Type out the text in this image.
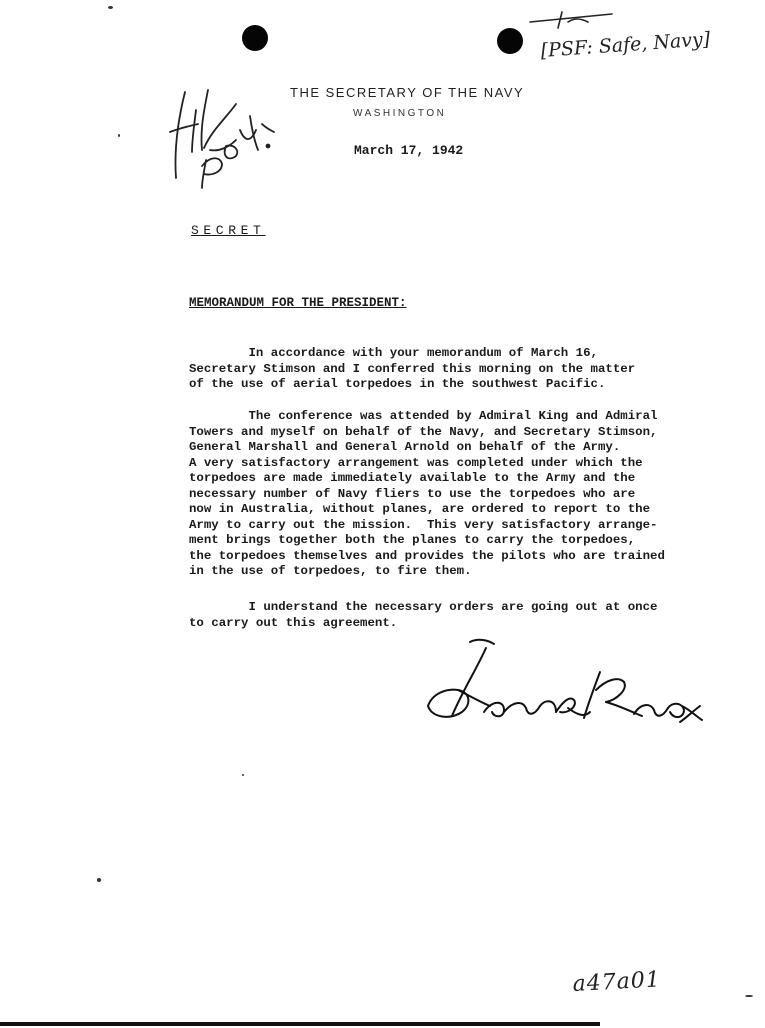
THE SECRETARY OF THE NAVY
WASHINGTON
March 17, 1942
SECRET
MEMORANDUM FOR THE PRESIDENT:
In accordance with your memorandum of March 16,
Secretary Stimson and I conferred this morning on the matter
of the use of aerial torpedoes in the southwest Pacific.
The conference was attended by Admiral King and Admiral
Towers and myself on behalf of the Navy, and Secretary Stimson,
General Marshall and General Arnold on behalf of the Army.
A very satisfactory arrangement was completed under which the
torpedoes are made immediately available to the Army and the
necessary number of Navy fliers to use the torpedoes who are
now in Australia, without planes, are ordered to report to the
Army to carry out the mission.  This very satisfactory arrange-
ment brings together both the planes to carry the torpedoes,
the torpedoes themselves and provides the pilots who are trained
in the use of torpedoes, to fire them.
I understand the necessary orders are going out at once
to carry out this agreement.
[PSF: Safe, Navy]
a47a01
